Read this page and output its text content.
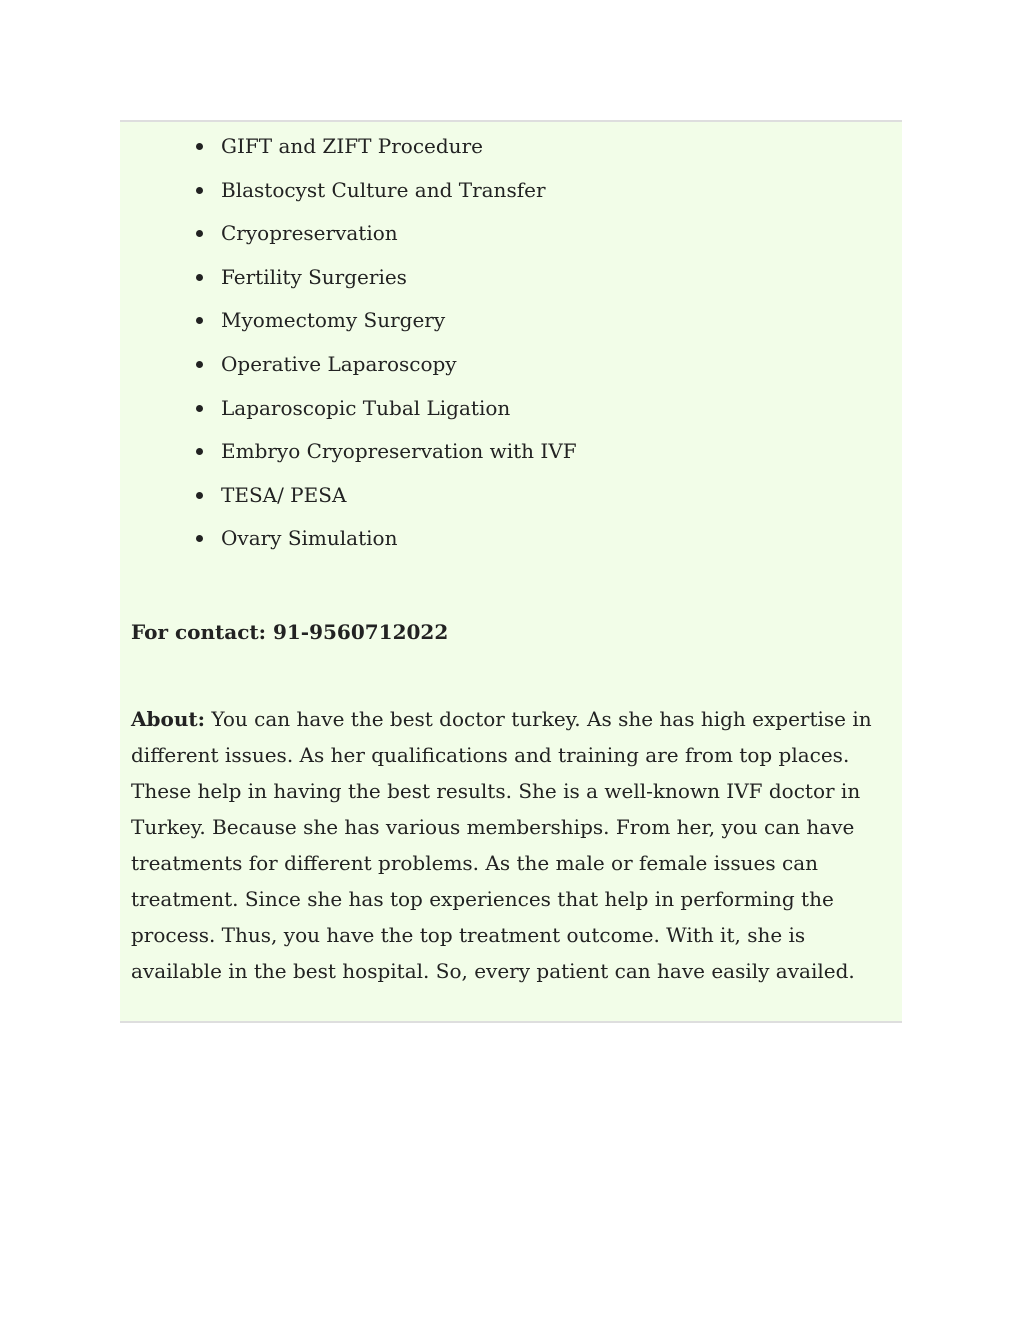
GIFT and ZIFT Procedure
Blastocyst Culture and Transfer
Cryopreservation
Fertility Surgeries
Myomectomy Surgery
Operative Laparoscopy
Laparoscopic Tubal Ligation
Embryo Cryopreservation with IVF
TESA/ PESA
Ovary Simulation
For contact: 91-9560712022

About: You can have the best doctor turkey. As she has high expertise in different issues. As her qualifications and training are from top places. These help in having the best results. She is a well-known IVF doctor in Turkey. Because she has various memberships. From her, you can have treatments for different problems. As the male or female issues can treatment. Since she has top experiences that help in performing the process. Thus, you have the top treatment outcome. With it, she is available in the best hospital. So, every patient can have easily availed.
